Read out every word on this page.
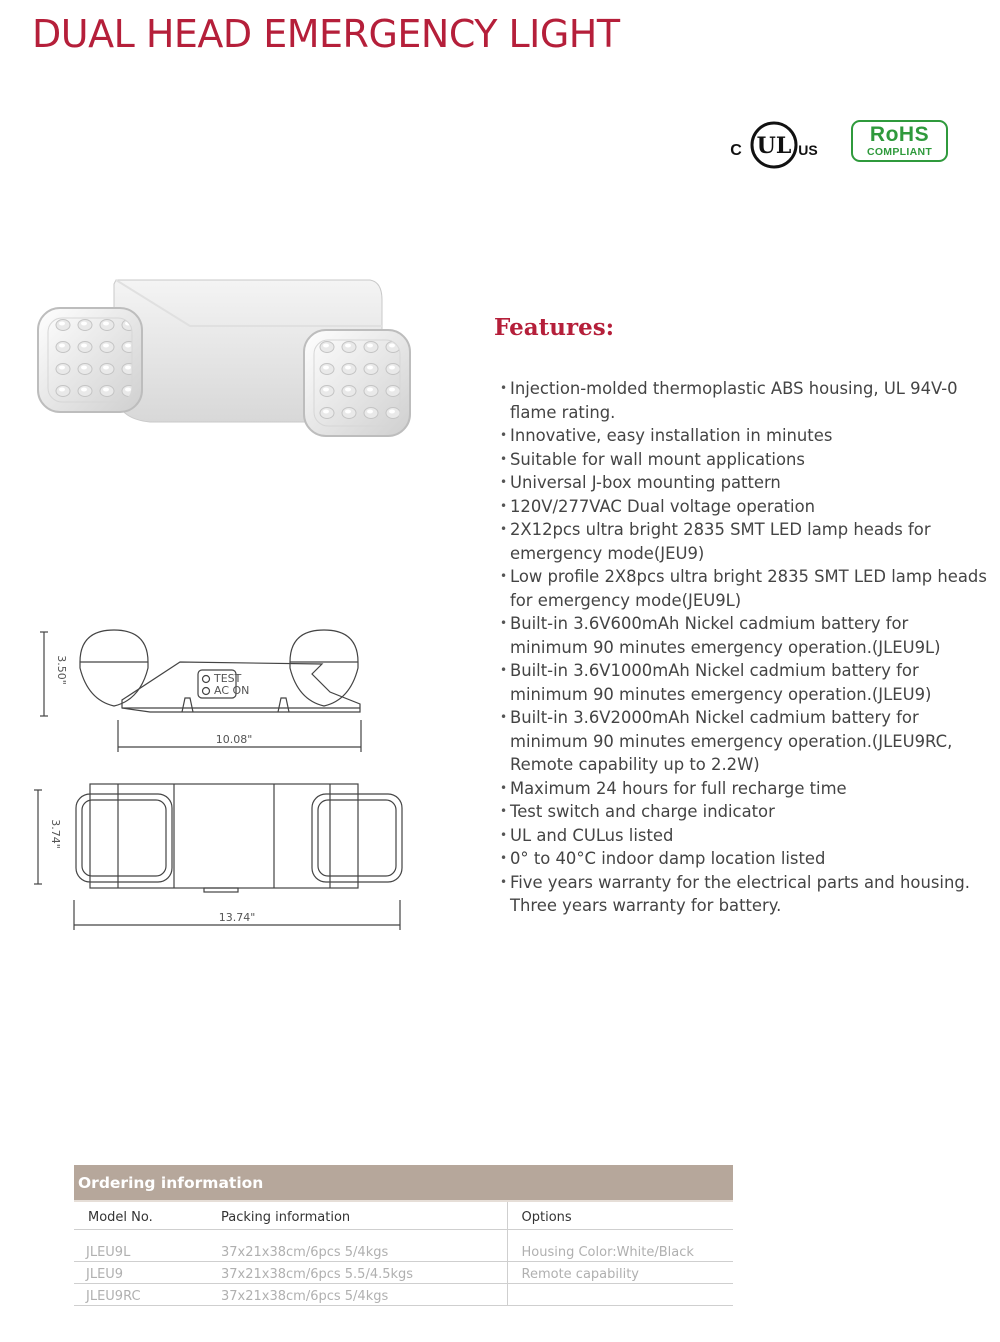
DUAL HEAD EMERGENCY LIGHT
UL
C	US
RoHS
COMPLIANT
Features:
• Injection-molded thermoplastic ABS housing, UL 94V-0 flame rating.
• Innovative, easy installation in minutes
• Suitable for wall mount applications
• Universal J-box mounting pattern
• 120V/277VAC Dual voltage operation
• 2X12pcs ultra bright 2835 SMT LED lamp heads for emergency mode(JEU9)
• Low profile 2X8pcs ultra bright 2835 SMT LED lamp heads for emergency mode(JEU9L)
• Built-in 3.6V600mAh Nickel cadmium battery for minimum 90 minutes emergency operation.(JLEU9L)
• Built-in 3.6V1000mAh Nickel cadmium battery for minimum 90 minutes emergency operation.(JLEU9)
• Built-in 3.6V2000mAh Nickel cadmium battery for minimum 90 minutes emergency operation.(JLEU9RC, Remote capability up to 2.2W)
• Maximum 24 hours for full recharge time
• Test switch and charge indicator
• UL and CULus listed
• 0° to 40°C indoor damp location listed
• Five years warranty for the electrical parts and housing. Three years warranty for battery.
TEST
AC ON
10.08"
3.50"
13.74"
3.74"
Ordering information		
Model No.	Packing information	Options
JLEU9L	37x21x38cm/6pcs 5/4kgs	Housing Color:White/Black
JLEU9	37x21x38cm/6pcs 5.5/4.5kgs	Remote capability
JLEU9RC	37x21x38cm/6pcs 5/4kgs	
